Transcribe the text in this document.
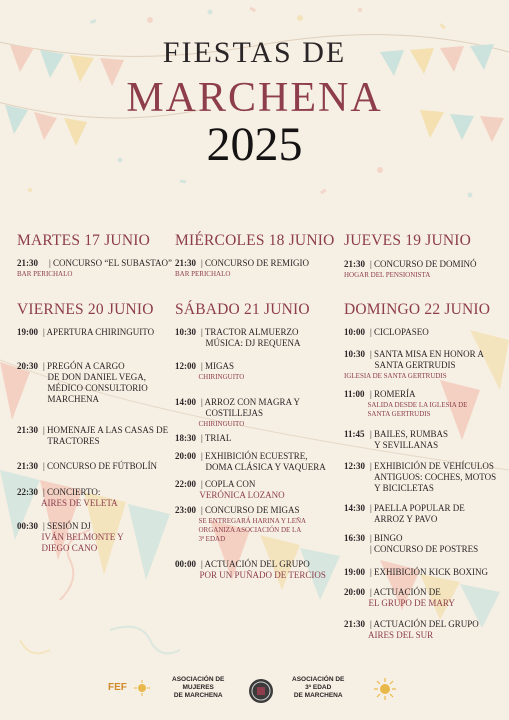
FIESTAS DE
MARCHENA
2025
MARTES 17 JUNIO
21:30 | CONCURSO “EL SUBASTAO”
BAR PERICHALO
MIÉRCOLES 18 JUNIO
21:30 | CONCURSO DE REMIGIO
BAR PERICHALO
JUEVES 19 JUNIO
21:30 | CONCURSO DE DOMINÓ
HOGAR DEL PENSIONISTA
VIERNES 20 JUNIO
19:00 | APERTURA CHIRINGUITO
20:30 | PREGÓN A CARGO
DE DON DANIEL VEGA,
MÉDICO CONSULTORIO
MARCHENA
21:30 | HOMENAJE A LAS CASAS DE
TRACTORES
21:30 | CONCURSO DE FÚTBOLÍN
22:30 | CONCIERTO:
AIRES DE VELETA
00:30 | SESIÓN DJ
IVÁN BELMONTE Y
DIEGO CANO
SÁBADO 21 JUNIO
10:30 | TRACTOR ALMUERZO
MÚSICA: DJ REQUENA
12:00 | MIGAS
CHIRINGUITO
14:00 | ARROZ CON MAGRA Y
COSTILLEJAS
CHIRINGUITO
18:30 | TRIAL
20:00 | EXHIBICIÓN ECUESTRE,
DOMA CLÁSICA Y VAQUERA
22:00 | COPLA CON
VERÓNICA LOZANO
23:00 | CONCURSO DE MIGAS
SE ENTREGARÁ HARINA Y LEÑA
ORGANIZA ASOCIACIÓN DE LA
3ª EDAD
00:00 | ACTUACIÓN DEL GRUPO
POR UN PUÑADO DE TERCIOS
DOMINGO 22 JUNIO
10:00 | CICLOPASEO
10:30 | SANTA MISA EN HONOR A
SANTA GERTRUDIS
IGLESIA DE SANTA GERTRUDIS
11:00 | ROMERÍA
SALIDA DESDE LA IGLESIA DE
SANTA GERTRUDIS
11:45 | BAILES, RUMBAS
Y SEVILLANAS
12:30 | EXHIBICIÓN DE VEHÍCULOS
ANTIGUOS: COCHES, MOTOS
Y BICICLETAS
14:30 | PAELLA POPULAR DE
ARROZ Y PAVO
16:30 | BINGO
| CONCURSO DE POSTRES
19:00 | EXHIBICIÓN KICK BOXING
20:00 | ACTUACIÓN DE
EL GRUPO DE MARY
21:30 | ACTUACIÓN DEL GRUPO
AIRES DEL SUR
FEF
ASOCIACIÓN DE
MUJERES
DE MARCHENA
ASOCIACIÓN DE
3ª EDAD
DE MARCHENA
